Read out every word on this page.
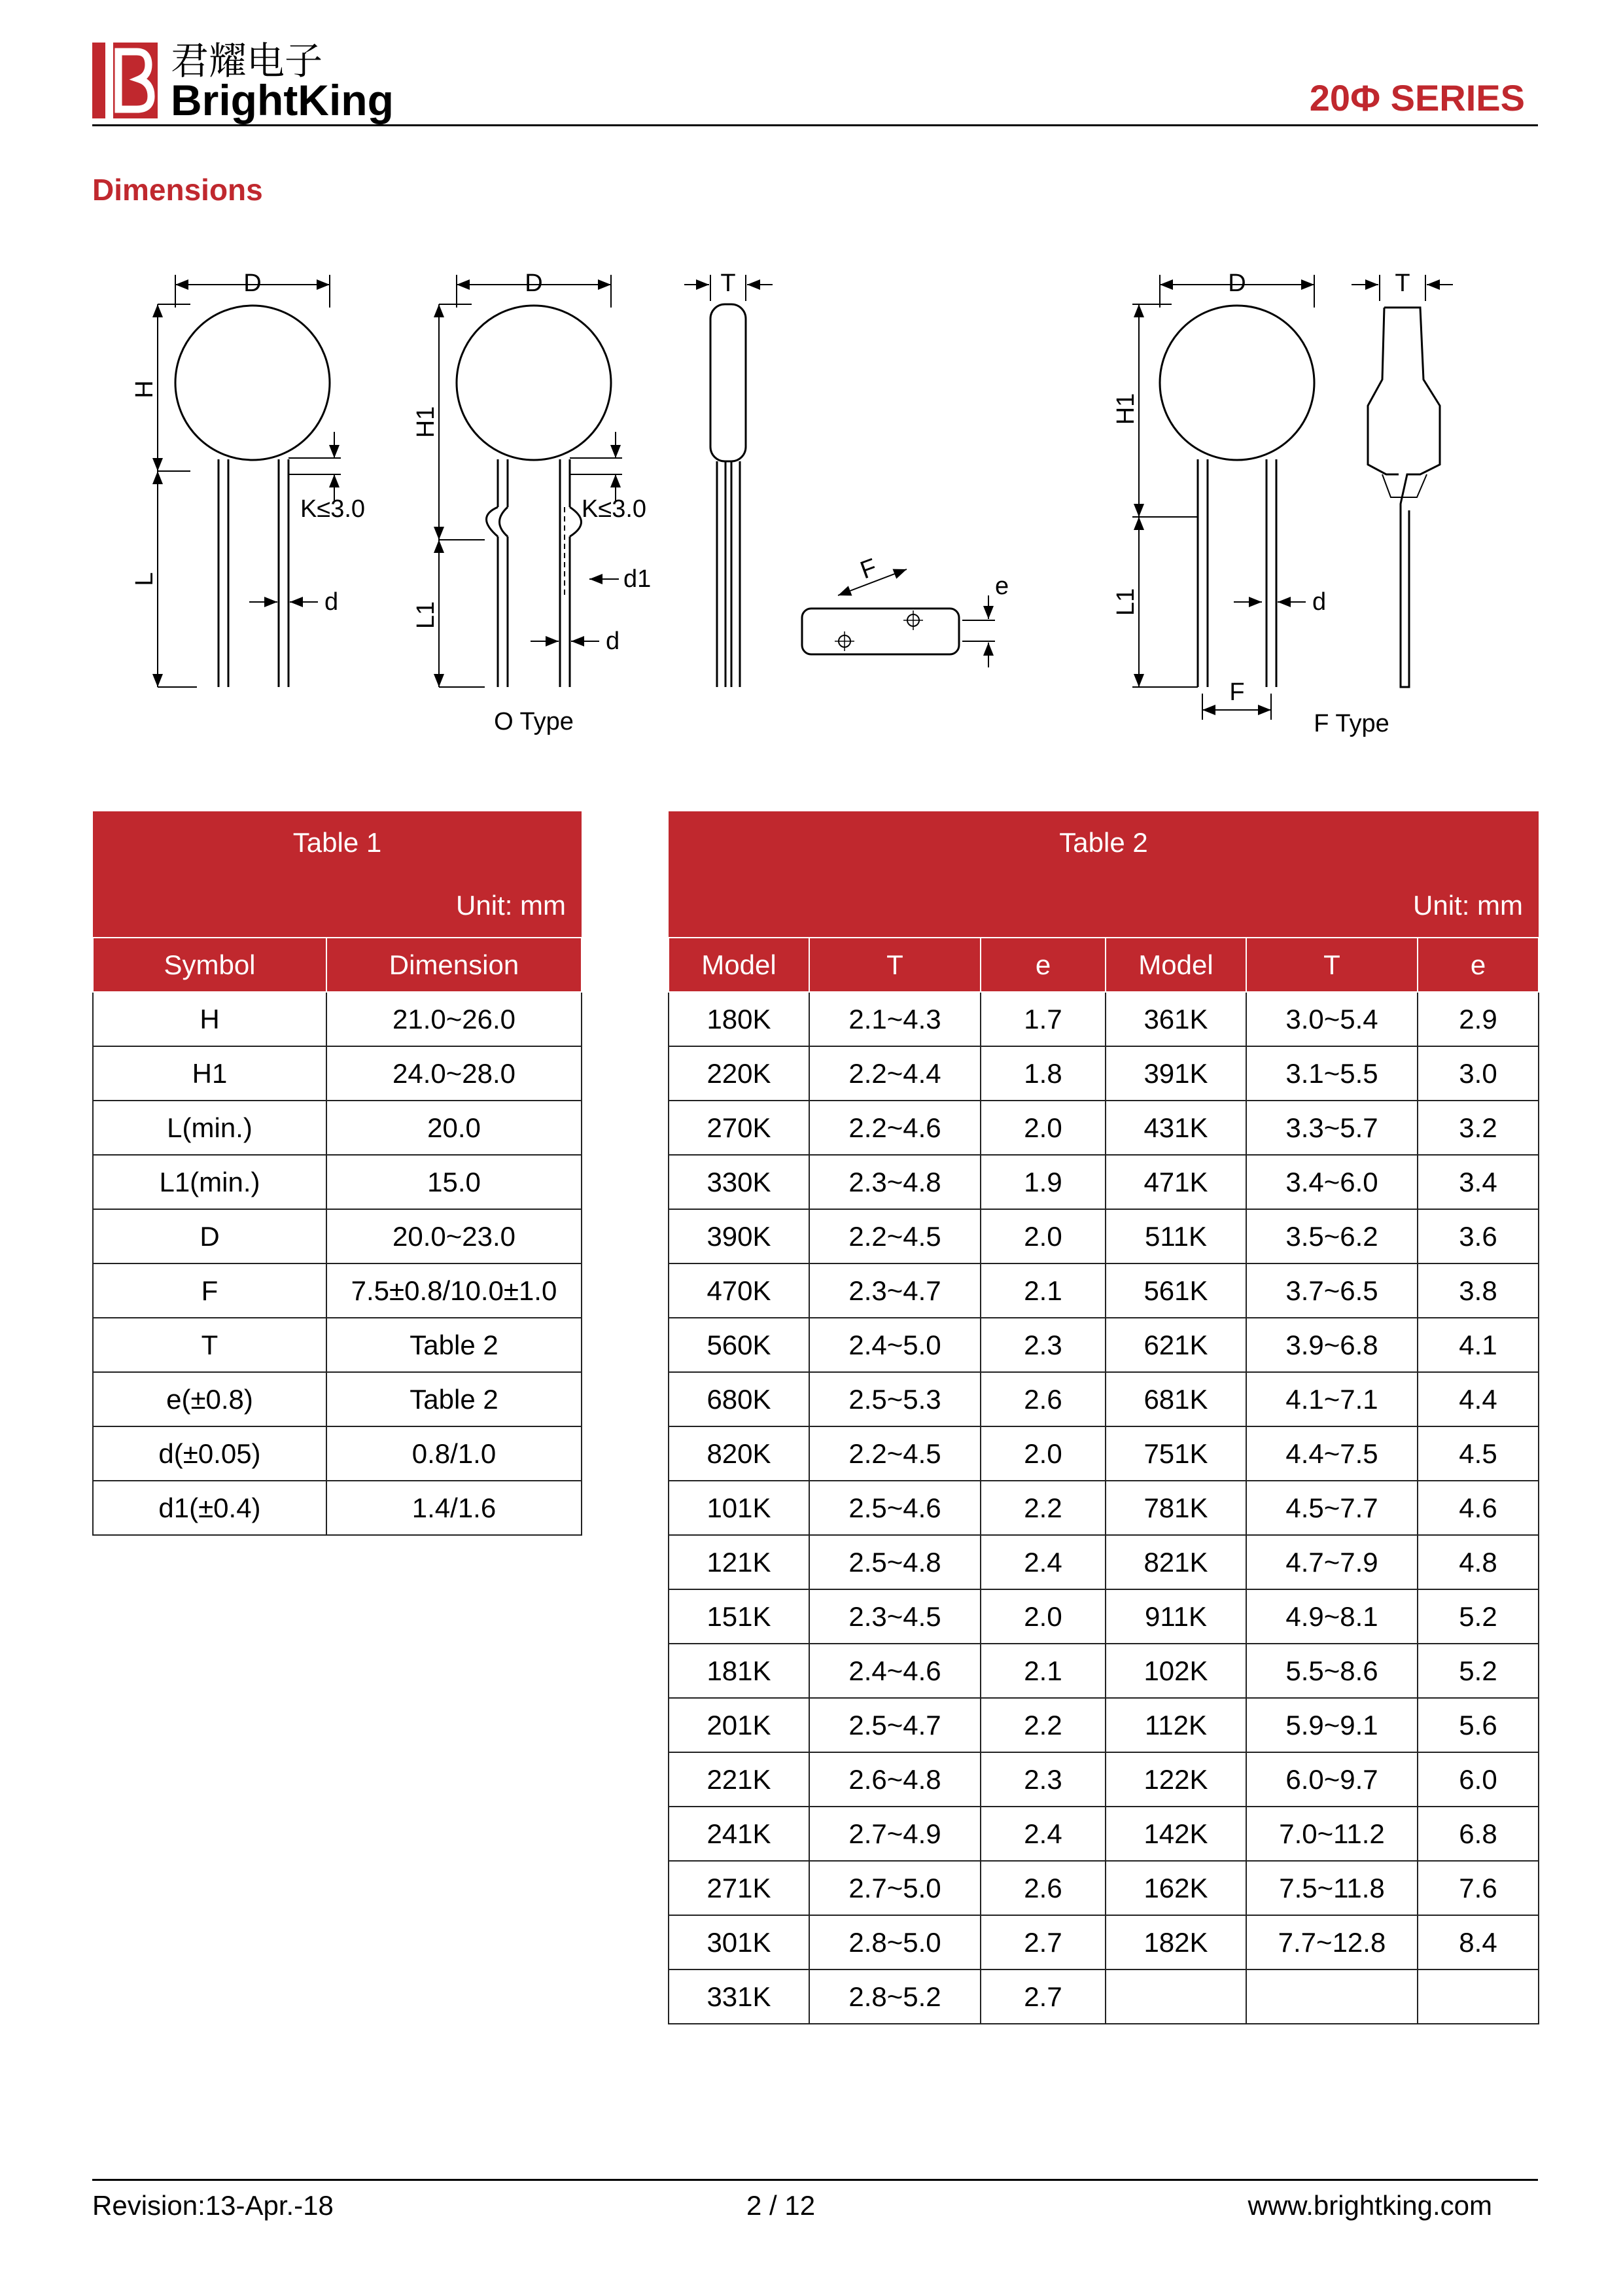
君耀电子
BrightKing	20Φ SERIES
Dimensions
D
H
L
K≤3.0
d
D
H1
L1
K≤3.0
d1
d
O Type
T
F
e
D
H1
L1	d
F
T
F Type
Table 1	
Unit: mm	
Symbol	Dimension
H	21.0~26.0
H1	24.0~28.0
L(min.)	20.0
L1(min.)	15.0
D	20.0~23.0
F	7.5±0.8/10.0±1.0
T	Table 2
e(±0.8)	Table 2
d(±0.05)	0.8/1.0
d1(±0.4)	1.4/1.6
Table 2					
Unit: mm					
Model	T	e	Model	T	e
180K	2.1~4.3	1.7	361K	3.0~5.4	2.9
220K	2.2~4.4	1.8	391K	3.1~5.5	3.0
270K	2.2~4.6	2.0	431K	3.3~5.7	3.2
330K	2.3~4.8	1.9	471K	3.4~6.0	3.4
390K	2.2~4.5	2.0	511K	3.5~6.2	3.6
470K	2.3~4.7	2.1	561K	3.7~6.5	3.8
560K	2.4~5.0	2.3	621K	3.9~6.8	4.1
680K	2.5~5.3	2.6	681K	4.1~7.1	4.4
820K	2.2~4.5	2.0	751K	4.4~7.5	4.5
101K	2.5~4.6	2.2	781K	4.5~7.7	4.6
121K	2.5~4.8	2.4	821K	4.7~7.9	4.8
151K	2.3~4.5	2.0	911K	4.9~8.1	5.2
181K	2.4~4.6	2.1	102K	5.5~8.6	5.2
201K	2.5~4.7	2.2	112K	5.9~9.1	5.6
221K	2.6~4.8	2.3	122K	6.0~9.7	6.0
241K	2.7~4.9	2.4	142K	7.0~11.2	6.8
271K	2.7~5.0	2.6	162K	7.5~11.8	7.6
301K	2.8~5.0	2.7	182K	7.7~12.8	8.4
331K	2.8~5.2	2.7			
Revision:13-Apr.-18	2 / 12	www.brightking.com
